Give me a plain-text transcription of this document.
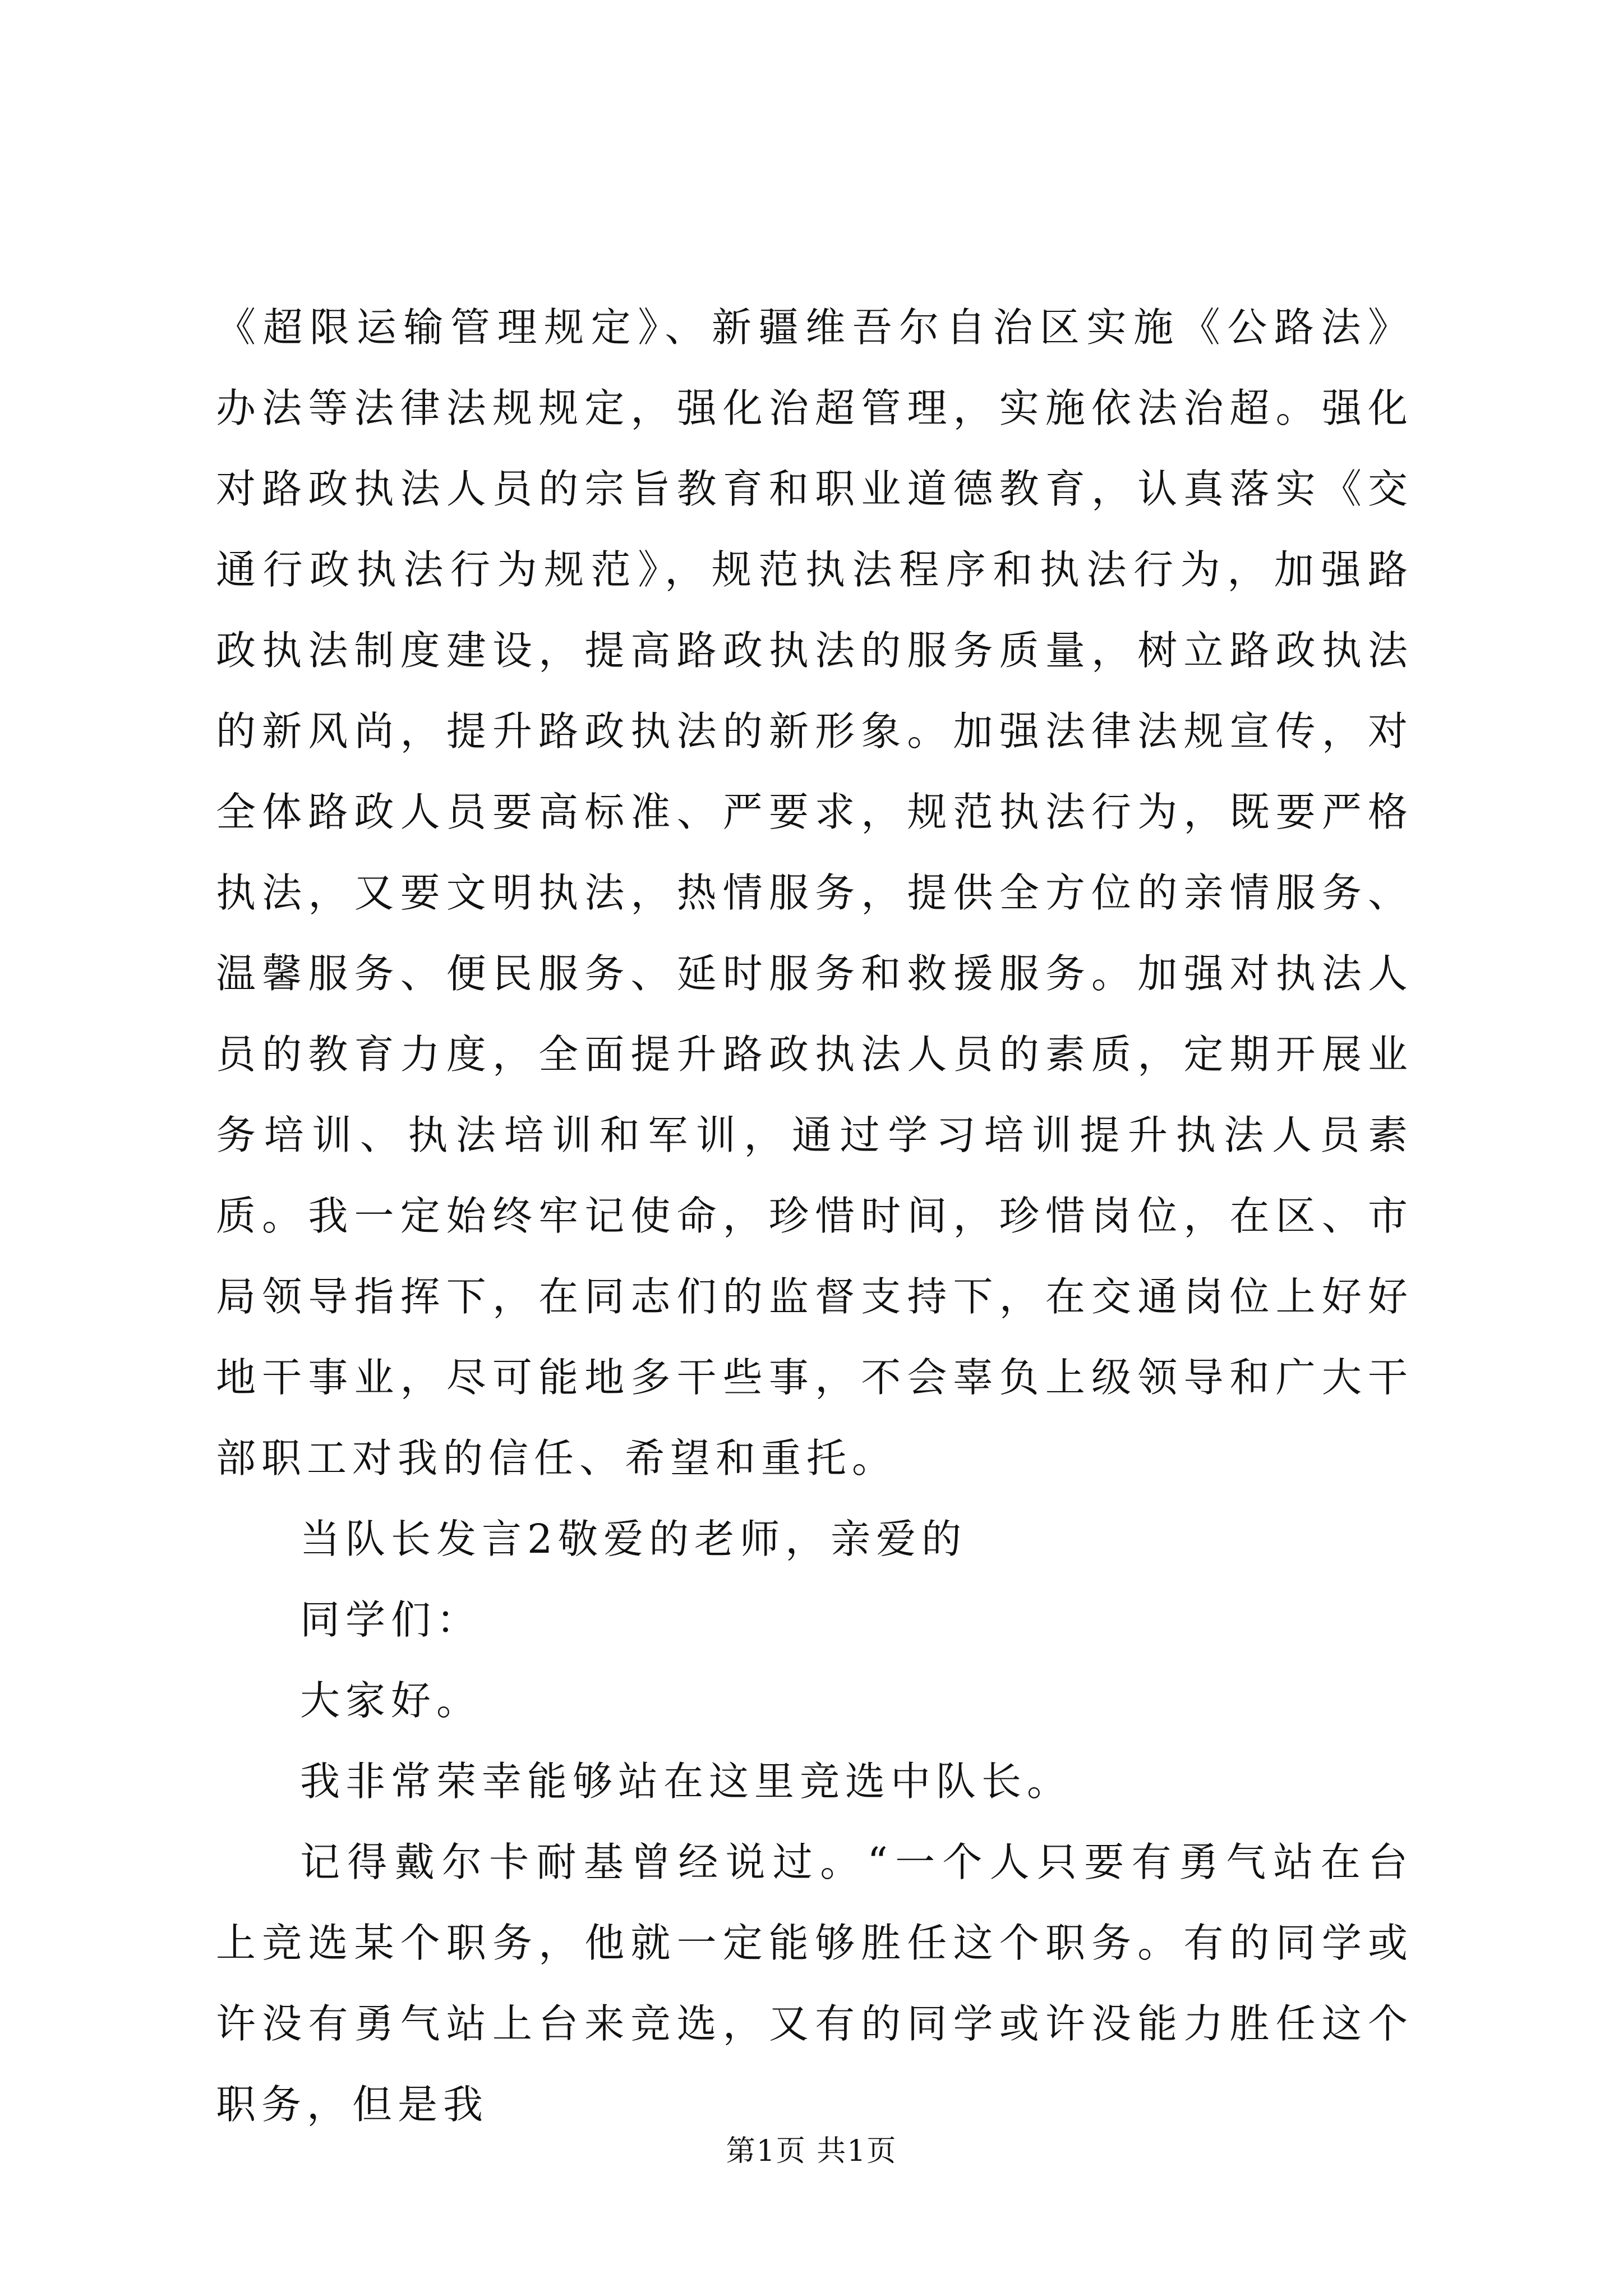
《超限运输管理规定》、新疆维吾尔自治区实施《公路法》办法等法律法规规定，强化治超管理，实施依法治超。强化对路政执法人员的宗旨教育和职业道德教育，认真落实《交通行政执法行为规范》，规范执法程序和执法行为，加强路政执法制度建设，提高路政执法的服务质量，树立路政执法的新风尚，提升路政执法的新形象。加强法律法规宣传，对全体路政人员要高标准、严要求，规范执法行为，既要严格执法，又要文明执法，热情服务，提供全方位的亲情服务、温馨服务、便民服务、延时服务和救援服务。加强对执法人员的教育力度，全面提升路政执法人员的素质，定期开展业务培训、执法培训和军训，通过学习培训提升执法人员素质。我一定始终牢记使命，珍惜时间，珍惜岗位，在区、市局领导指挥下，在同志们的监督支持下，在交通岗位上好好地干事业，尽可能地多干些事，不会辜负上级领导和广大干部职工对我的信任、希望和重托。

当队长发言2敬爱的老师，亲爱的

同学们：

大家好。

我非常荣幸能够站在这里竞选中队长。

记得戴尔卡耐基曾经说过。“一个人只要有勇气站在台上竞选某个职务，他就一定能够胜任这个职务。有的同学或许没有勇气站上台来竞选，又有的同学或许没能力胜任这个职务，但是我

第1页 共1页
